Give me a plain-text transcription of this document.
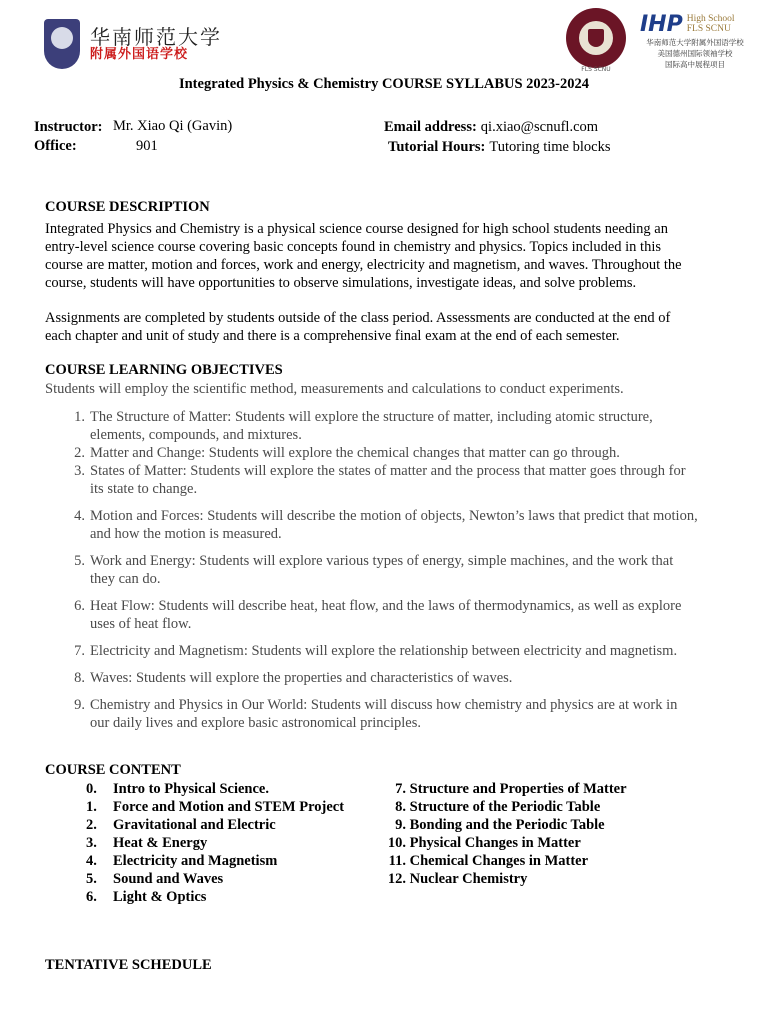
华南师范大学
附属外国语学校
FLS SCNU
IHP High School
FLS SCNU
华南师范大学附属外国语学校
美国德州国际领袖学校
国际高中展程项目
Integrated Physics & Chemistry COURSE SYLLABUS 2023-2024
Instructor: Mr. Xiao Qi (Gavin)
Office:	901
Email address: qi.xiao@scnufl.com
Tutorial Hours: Tutoring time blocks
COURSE DESCRIPTION
Integrated Physics and Chemistry is a physical science course designed for high school students needing an
entry-level science course covering basic concepts found in chemistry and physics. Topics included in this
course are matter, motion and forces, work and energy, electricity and magnetism, and waves. Throughout the
course, students will have opportunities to observe simulations, investigate ideas, and solve problems.
Assignments are completed by students outside of the class period. Assessments are conducted at the end of
each chapter and unit of study and there is a comprehensive final exam at the end of each semester.
COURSE LEARNING OBJECTIVES
Students will employ the scientific method, measurements and calculations to conduct experiments.
1. The Structure of Matter: Students will explore the structure of matter, including atomic structure,
elements, compounds, and mixtures.
2. Matter and Change: Students will explore the chemical changes that matter can go through.
3. States of Matter: Students will explore the states of matter and the process that matter goes through for
its state to change.
4. Motion and Forces: Students will describe the motion of objects, Newton’s laws that predict that motion,
and how the motion is measured.
5. Work and Energy: Students will explore various types of energy, simple machines, and the work that
they can do.
6. Heat Flow: Students will describe heat, heat flow, and the laws of thermodynamics, as well as explore
uses of heat flow.
7. Electricity and Magnetism: Students will explore the relationship between electricity and magnetism.
8. Waves: Students will explore the properties and characteristics of waves.
9. Chemistry and Physics in Our World: Students will discuss how chemistry and physics are at work in
our daily lives and explore basic astronomical principles.
COURSE CONTENT
0. Intro to Physical Science.
1. Force and Motion and STEM Project
2. Gravitational and Electric
3. Heat & Energy
4. Electricity and Magnetism
5. Sound and Waves
6. Light & Optics
7. Structure and Properties of Matter
8. Structure of the Periodic Table
9. Bonding and the Periodic Table
10. Physical Changes in Matter
11. Chemical Changes in Matter
12. Nuclear Chemistry
TENTATIVE SCHEDULE
